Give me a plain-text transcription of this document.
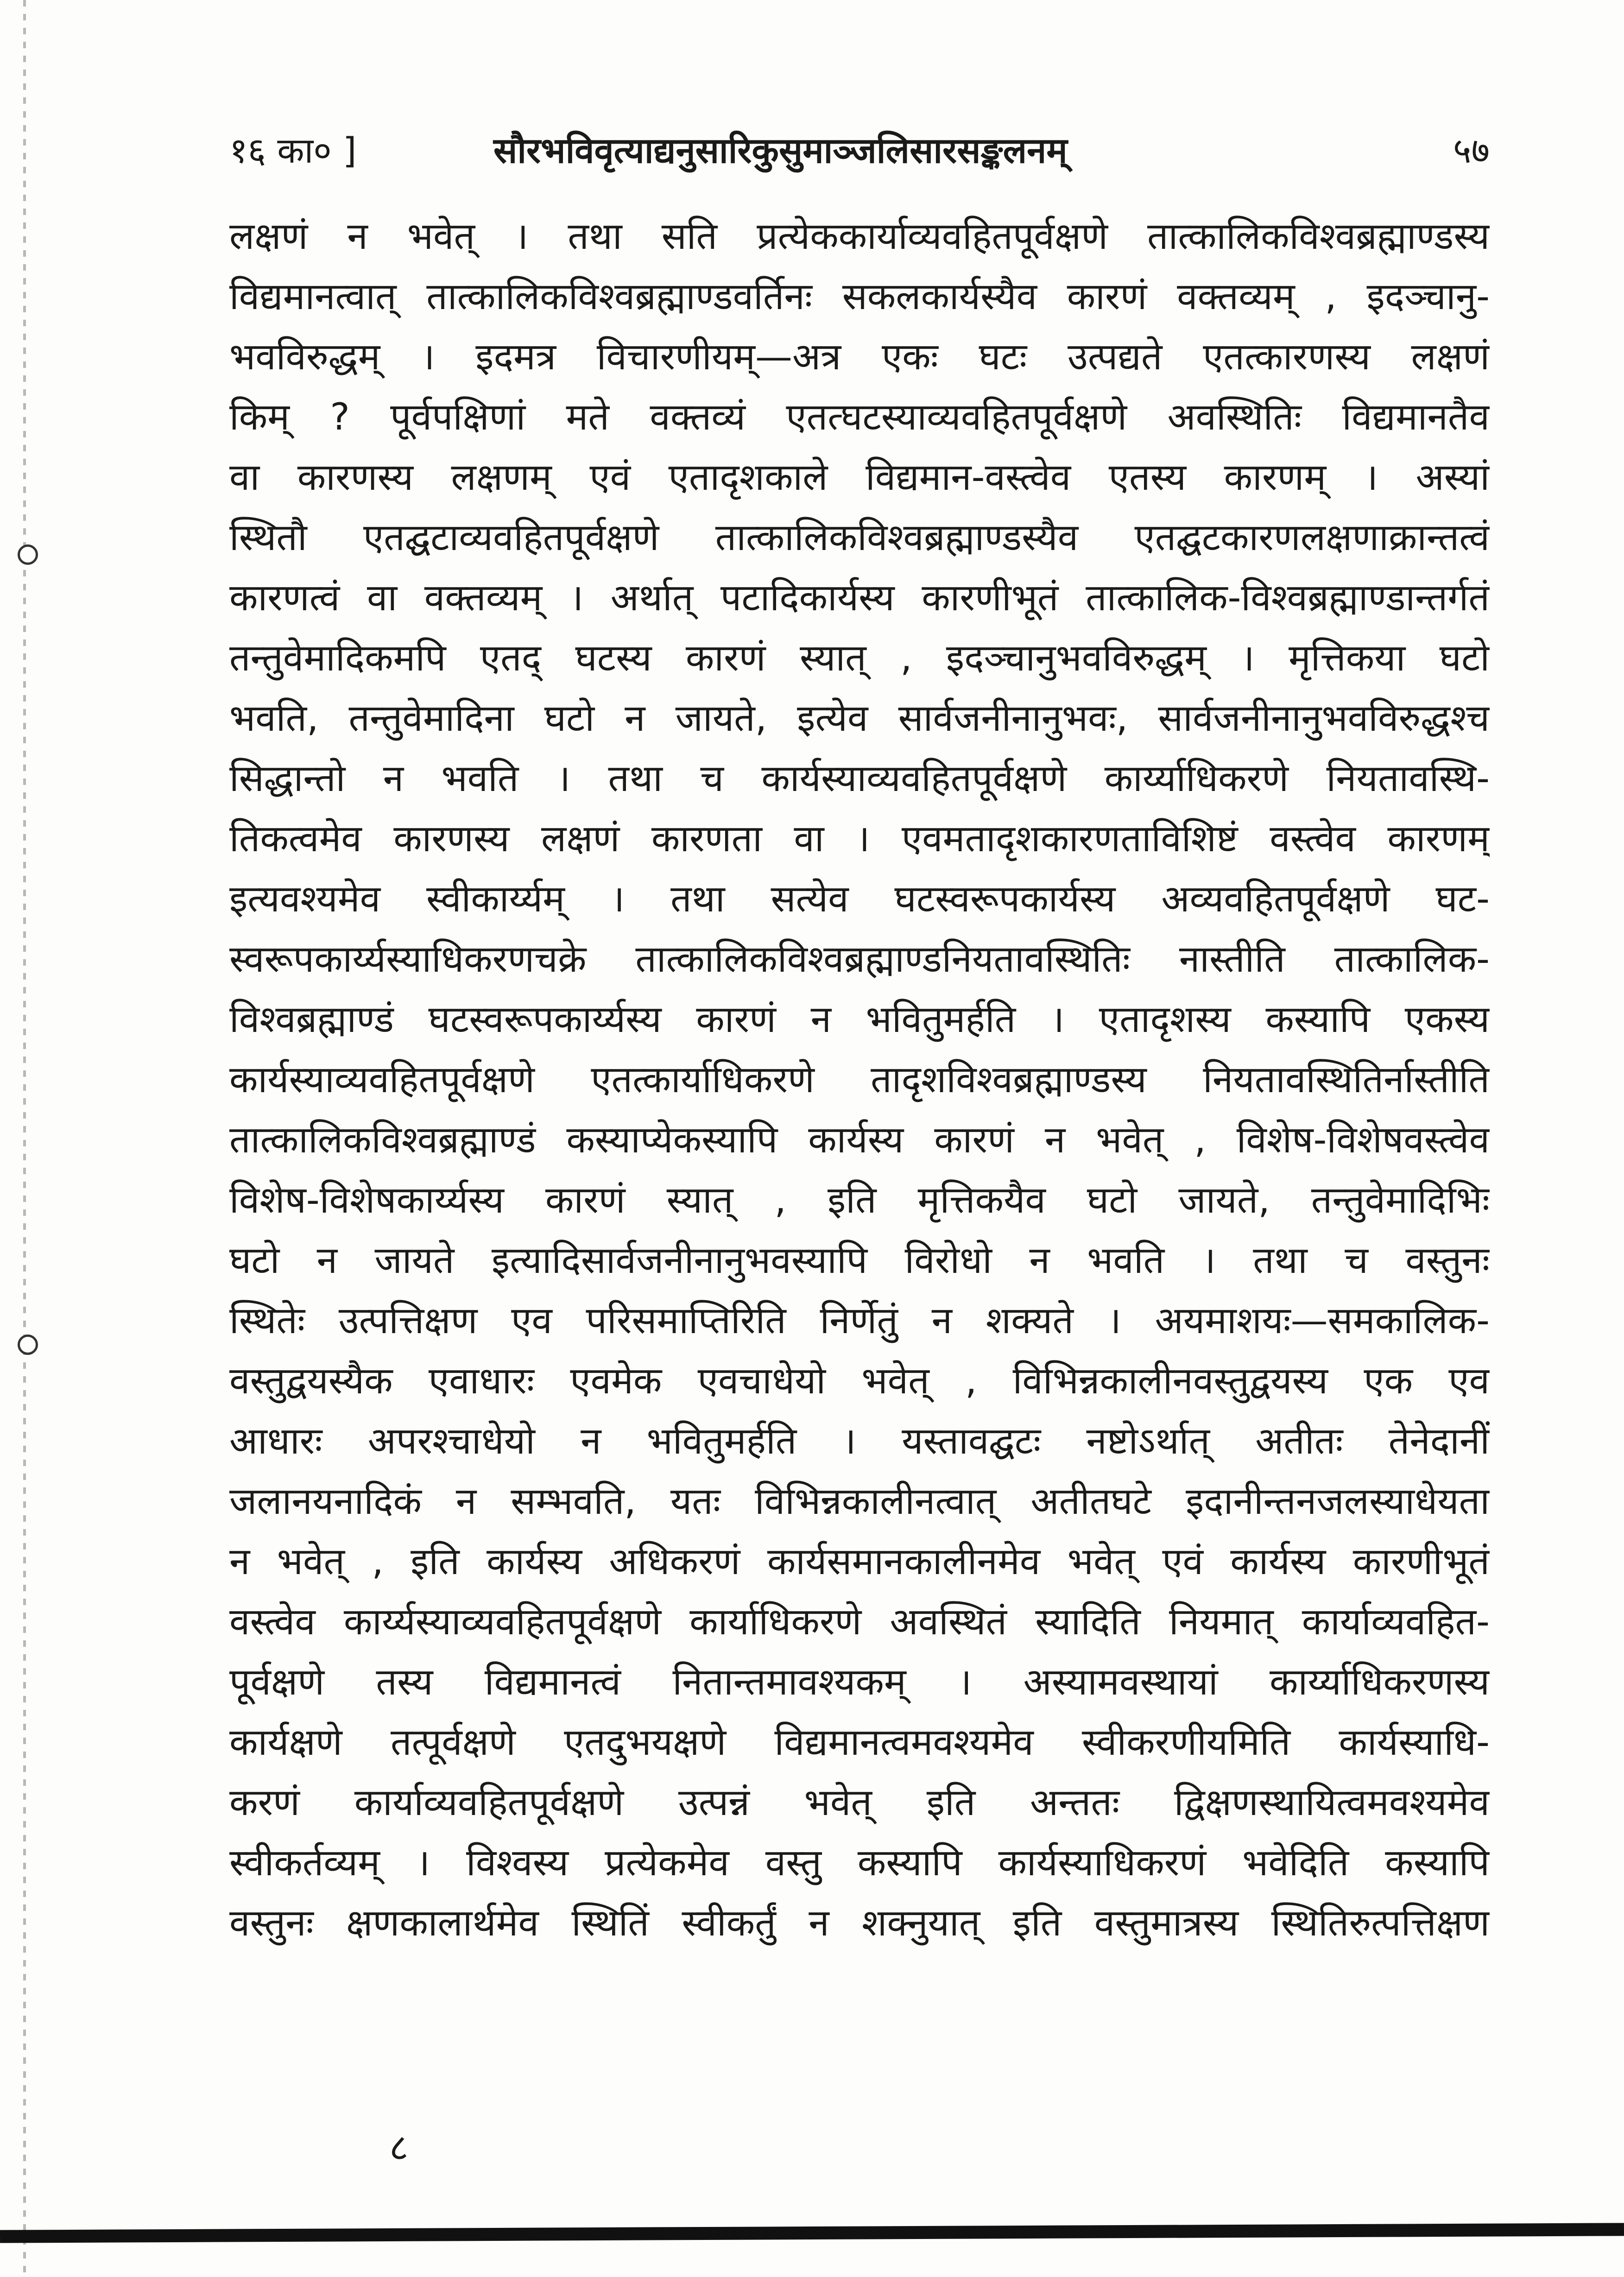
१६ का० ]	सौरभविवृत्याद्यनुसारिकुसुमाञ्जलिसारसङ्कलनम्	५७
लक्षणं न भवेत् । तथा सति प्रत्येककार्याव्यवहितपूर्वक्षणे तात्कालिकविश्वब्रह्माण्डस्य
विद्यमानत्वात् तात्कालिकविश्वब्रह्माण्डवर्तिनः सकलकार्यस्यैव कारणं वक्तव्यम् , इदञ्चानु-
भवविरुद्धम् । इदमत्र विचारणीयम्—अत्र एकः घटः उत्पद्यते एतत्कारणस्य लक्षणं
किम् ? पूर्वपक्षिणां मते वक्तव्यं एतत्घटस्याव्यवहितपूर्वक्षणे अवस्थितिः विद्यमानतैव
वा कारणस्य लक्षणम् एवं एतादृशकाले विद्यमान-वस्त्वेव एतस्य कारणम् । अस्यां
स्थितौ एतद्घटाव्यवहितपूर्वक्षणे तात्कालिकविश्वब्रह्माण्डस्यैव एतद्घटकारणलक्षणाक्रान्तत्वं
कारणत्वं वा वक्तव्यम् । अर्थात् पटादिकार्यस्य कारणीभूतं तात्कालिक-विश्वब्रह्माण्डान्तर्गतं
तन्तुवेमादिकमपि एतद् घटस्य कारणं स्यात् , इदञ्चानुभवविरुद्धम् । मृत्तिकया घटो
भवति, तन्तुवेमादिना घटो न जायते, इत्येव सार्वजनीनानुभवः, सार्वजनीनानुभवविरुद्धश्च
सिद्धान्तो न भवति । तथा च कार्यस्याव्यवहितपूर्वक्षणे कार्य्याधिकरणे नियतावस्थि-
तिकत्वमेव कारणस्य लक्षणं कारणता वा । एवमतादृशकारणताविशिष्टं वस्त्वेव कारणम्
इत्यवश्यमेव स्वीकार्य्यम् । तथा सत्येव घटस्वरूपकार्यस्य अव्यवहितपूर्वक्षणे घट-
स्वरूपकार्य्यस्याधिकरणचक्रे तात्कालिकविश्वब्रह्माण्डनियतावस्थितिः नास्तीति तात्कालिक-
विश्वब्रह्माण्डं घटस्वरूपकार्य्यस्य कारणं न भवितुमर्हति । एतादृशस्य कस्यापि एकस्य
कार्यस्याव्यवहितपूर्वक्षणे एतत्कार्याधिकरणे तादृशविश्वब्रह्माण्डस्य नियतावस्थितिर्नास्तीति
तात्कालिकविश्वब्रह्माण्डं कस्याप्येकस्यापि कार्यस्य कारणं न भवेत् , विशेष-विशेषवस्त्वेव
विशेष-विशेषकार्य्यस्य कारणं स्यात् , इति मृत्तिकयैव घटो जायते, तन्तुवेमादिभिः
घटो न जायते इत्यादिसार्वजनीनानुभवस्यापि विरोधो न भवति । तथा च वस्तुनः
स्थितेः उत्पत्तिक्षण एव परिसमाप्तिरिति निर्णेतुं न शक्यते । अयमाशयः—समकालिक-
वस्तुद्वयस्यैक एवाधारः एवमेक एवचाधेयो भवेत् , विभिन्नकालीनवस्तुद्वयस्य एक एव
आधारः अपरश्चाधेयो न भवितुमर्हति । यस्तावद्घटः नष्टोऽर्थात् अतीतः तेनेदानीं
जलानयनादिकं न सम्भवति, यतः विभिन्नकालीनत्वात् अतीतघटे इदानीन्तनजलस्याधेयता
न भवेत् , इति कार्यस्य अधिकरणं कार्यसमानकालीनमेव भवेत् एवं कार्यस्य कारणीभूतं
वस्त्वेव कार्य्यस्याव्यवहितपूर्वक्षणे कार्याधिकरणे अवस्थितं स्यादिति नियमात् कार्याव्यवहित-
पूर्वक्षणे तस्य विद्यमानत्वं नितान्तमावश्यकम् । अस्यामवस्थायां कार्य्याधिकरणस्य
कार्यक्षणे तत्पूर्वक्षणे एतदुभयक्षणे विद्यमानत्वमवश्यमेव स्वीकरणीयमिति कार्यस्याधि-
करणं कार्याव्यवहितपूर्वक्षणे उत्पन्नं भवेत् इति अन्ततः द्विक्षणस्थायित्वमवश्यमेव
स्वीकर्तव्यम् । विश्वस्य प्रत्येकमेव वस्तु कस्यापि कार्यस्याधिकरणं भवेदिति कस्यापि
वस्तुनः क्षणकालार्थमेव स्थितिं स्वीकर्तुं न शक्नुयात् इति वस्तुमात्रस्य स्थितिरुत्पत्तिक्षण
८
